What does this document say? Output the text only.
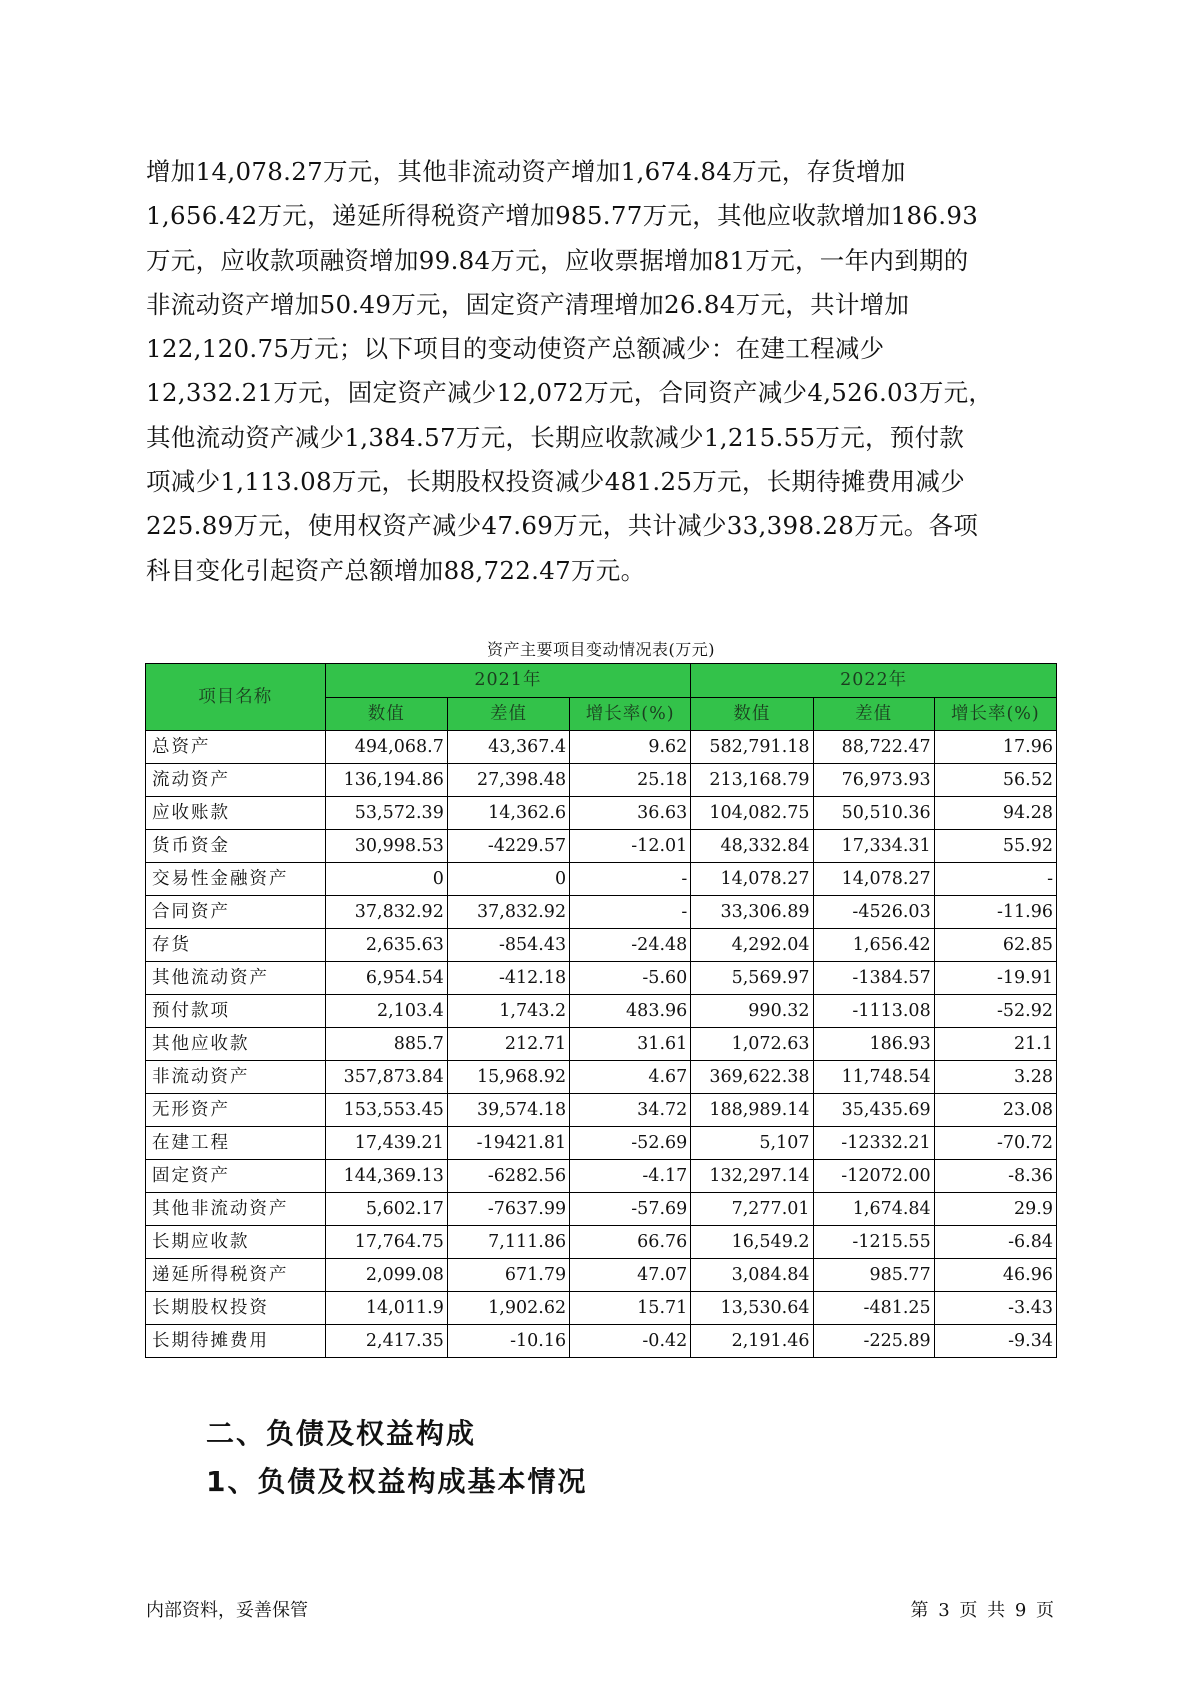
增加14,078.27万元，其他非流动资产增加1,674.84万元，存货增加
1,656.42万元，递延所得税资产增加985.77万元，其他应收款增加186.93
万元，应收款项融资增加99.84万元，应收票据增加81万元，一年内到期的
非流动资产增加50.49万元，固定资产清理增加26.84万元，共计增加
122,120.75万元；以下项目的变动使资产总额减少：在建工程减少
12,332.21万元，固定资产减少12,072万元，合同资产减少4,526.03万元，
其他流动资产减少1,384.57万元，长期应收款减少1,215.55万元，预付款
项减少1,113.08万元，长期股权投资减少481.25万元，长期待摊费用减少
225.89万元，使用权资产减少47.69万元，共计减少33,398.28万元。各项
科目变化引起资产总额增加88,722.47万元。
资产主要项目变动情况表(万元)
项目名称	2021年			2022年		
	数值	差值	增长率(%)	数值	差值	增长率(%)
总资产	494,068.7	43,367.4	9.62	582,791.18	88,722.47	17.96
流动资产	136,194.86	27,398.48	25.18	213,168.79	76,973.93	56.52
应收账款	53,572.39	14,362.6	36.63	104,082.75	50,510.36	94.28
货币资金	30,998.53	-4229.57	-12.01	48,332.84	17,334.31	55.92
交易性金融资产	0	0	-	14,078.27	14,078.27	-
合同资产	37,832.92	37,832.92	-	33,306.89	-4526.03	-11.96
存货	2,635.63	-854.43	-24.48	4,292.04	1,656.42	62.85
其他流动资产	6,954.54	-412.18	-5.60	5,569.97	-1384.57	-19.91
预付款项	2,103.4	1,743.2	483.96	990.32	-1113.08	-52.92
其他应收款	885.7	212.71	31.61	1,072.63	186.93	21.1
非流动资产	357,873.84	15,968.92	4.67	369,622.38	11,748.54	3.28
无形资产	153,553.45	39,574.18	34.72	188,989.14	35,435.69	23.08
在建工程	17,439.21	-19421.81	-52.69	5,107	-12332.21	-70.72
固定资产	144,369.13	-6282.56	-4.17	132,297.14	-12072.00	-8.36
其他非流动资产	5,602.17	-7637.99	-57.69	7,277.01	1,674.84	29.9
长期应收款	17,764.75	7,111.86	66.76	16,549.2	-1215.55	-6.84
递延所得税资产	2,099.08	671.79	47.07	3,084.84	985.77	46.96
长期股权投资	14,011.9	1,902.62	15.71	13,530.64	-481.25	-3.43
长期待摊费用	2,417.35	-10.16	-0.42	2,191.46	-225.89	-9.34
二、负债及权益构成
1、负债及权益构成基本情况
内部资料，妥善保管	第 3 页 共 9 页
